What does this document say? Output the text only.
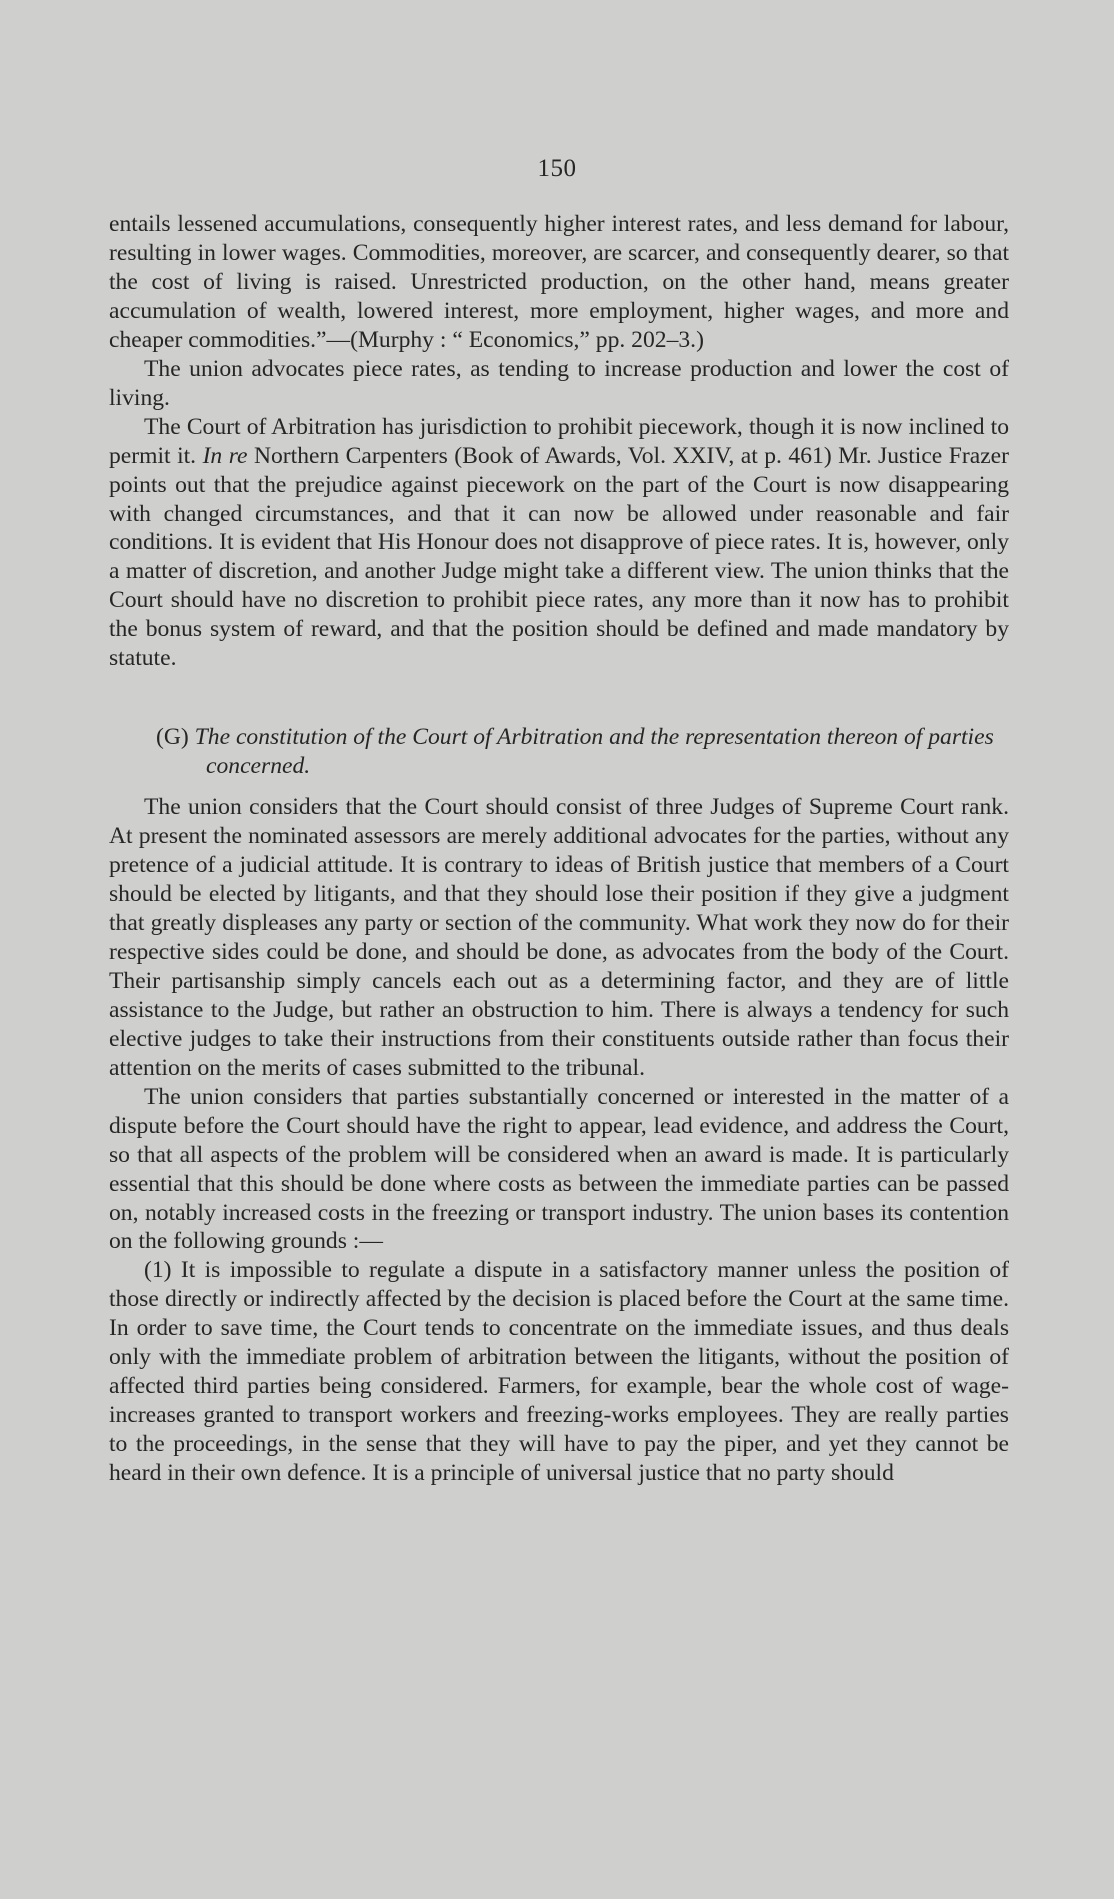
150

entails lessened accumulations, consequently higher interest rates, and less demand for labour, resulting in lower wages. Commodities, moreover, are scarcer, and consequently dearer, so that the cost of living is raised. Unrestricted production, on the other hand, means greater accumulation of wealth, lowered interest, more employment, higher wages, and more and cheaper commodities.”—(Murphy : “ Economics,” pp. 202–3.)

The union advocates piece rates, as tending to increase production and lower the cost of living.

The Court of Arbitration has jurisdiction to prohibit piecework, though it is now inclined to permit it. In re Northern Carpenters (Book of Awards, Vol. XXIV, at p. 461) Mr. Justice Frazer points out that the prejudice against piecework on the part of the Court is now disappearing with changed circumstances, and that it can now be allowed under reasonable and fair conditions. It is evident that His Honour does not disapprove of piece rates. It is, however, only a matter of discretion, and another Judge might take a different view. The union thinks that the Court should have no discretion to prohibit piece rates, any more than it now has to prohibit the bonus system of reward, and that the position should be defined and made mandatory by statute.

(G) The constitution of the Court of Arbitration and the representation thereon of parties concerned.

The union considers that the Court should consist of three Judges of Supreme Court rank. At present the nominated assessors are merely additional advocates for the parties, without any pretence of a judicial attitude. It is contrary to ideas of British justice that members of a Court should be elected by litigants, and that they should lose their position if they give a judgment that greatly displeases any party or section of the community. What work they now do for their respective sides could be done, and should be done, as advocates from the body of the Court. Their partisanship simply cancels each out as a determining factor, and they are of little assistance to the Judge, but rather an obstruction to him. There is always a tendency for such elective judges to take their instructions from their constituents outside rather than focus their attention on the merits of cases submitted to the tribunal.

The union considers that parties substantially concerned or interested in the matter of a dispute before the Court should have the right to appear, lead evidence, and address the Court, so that all aspects of the problem will be considered when an award is made. It is particularly essential that this should be done where costs as between the immediate parties can be passed on, notably increased costs in the freezing or transport industry. The union bases its contention on the following grounds :—

(1) It is impossible to regulate a dispute in a satisfactory manner unless the position of those directly or indirectly affected by the decision is placed before the Court at the same time. In order to save time, the Court tends to concentrate on the immediate issues, and thus deals only with the immediate problem of arbitration between the litigants, without the position of affected third parties being considered. Farmers, for example, bear the whole cost of wage-increases granted to transport workers and freezing-works employees. They are really parties to the proceedings, in the sense that they will have to pay the piper, and yet they cannot be heard in their own defence. It is a principle of universal justice that no party should
